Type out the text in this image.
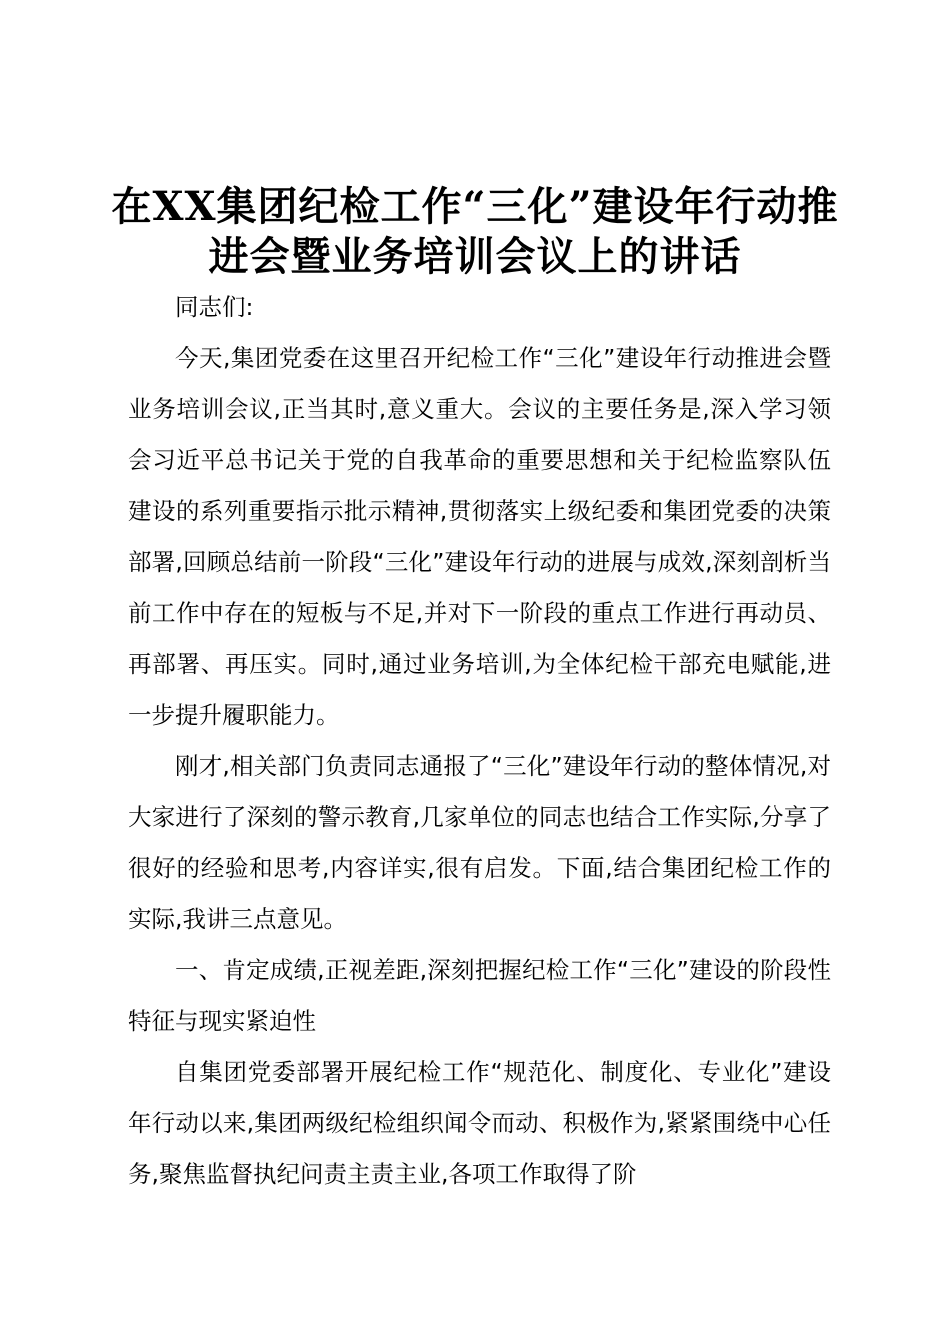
在XX集团纪检工作“三化”建设年行动推进会暨业务培训会议上的讲话

同志们:

今天,集团党委在这里召开纪检工作“三化”建设年行动推进会暨业务培训会议,正当其时,意义重大。会议的主要任务是,深入学习领会习近平总书记关于党的自我革命的重要思想和关于纪检监察队伍建设的系列重要指示批示精神,贯彻落实上级纪委和集团党委的决策部署,回顾总结前一阶段“三化”建设年行动的进展与成效,深刻剖析当前工作中存在的短板与不足,并对下一阶段的重点工作进行再动员、再部署、再压实。同时,通过业务培训,为全体纪检干部充电赋能,进一步提升履职能力。

刚才,相关部门负责同志通报了“三化”建设年行动的整体情况,对大家进行了深刻的警示教育,几家单位的同志也结合工作实际,分享了很好的经验和思考,内容详实,很有启发。下面,结合集团纪检工作的实际,我讲三点意见。

一、肯定成绩,正视差距,深刻把握纪检工作“三化”建设的阶段性特征与现实紧迫性

自集团党委部署开展纪检工作“规范化、制度化、专业化”建设年行动以来,集团两级纪检组织闻令而动、积极作为,紧紧围绕中心任务,聚焦监督执纪问责主责主业,各项工作取得了阶
